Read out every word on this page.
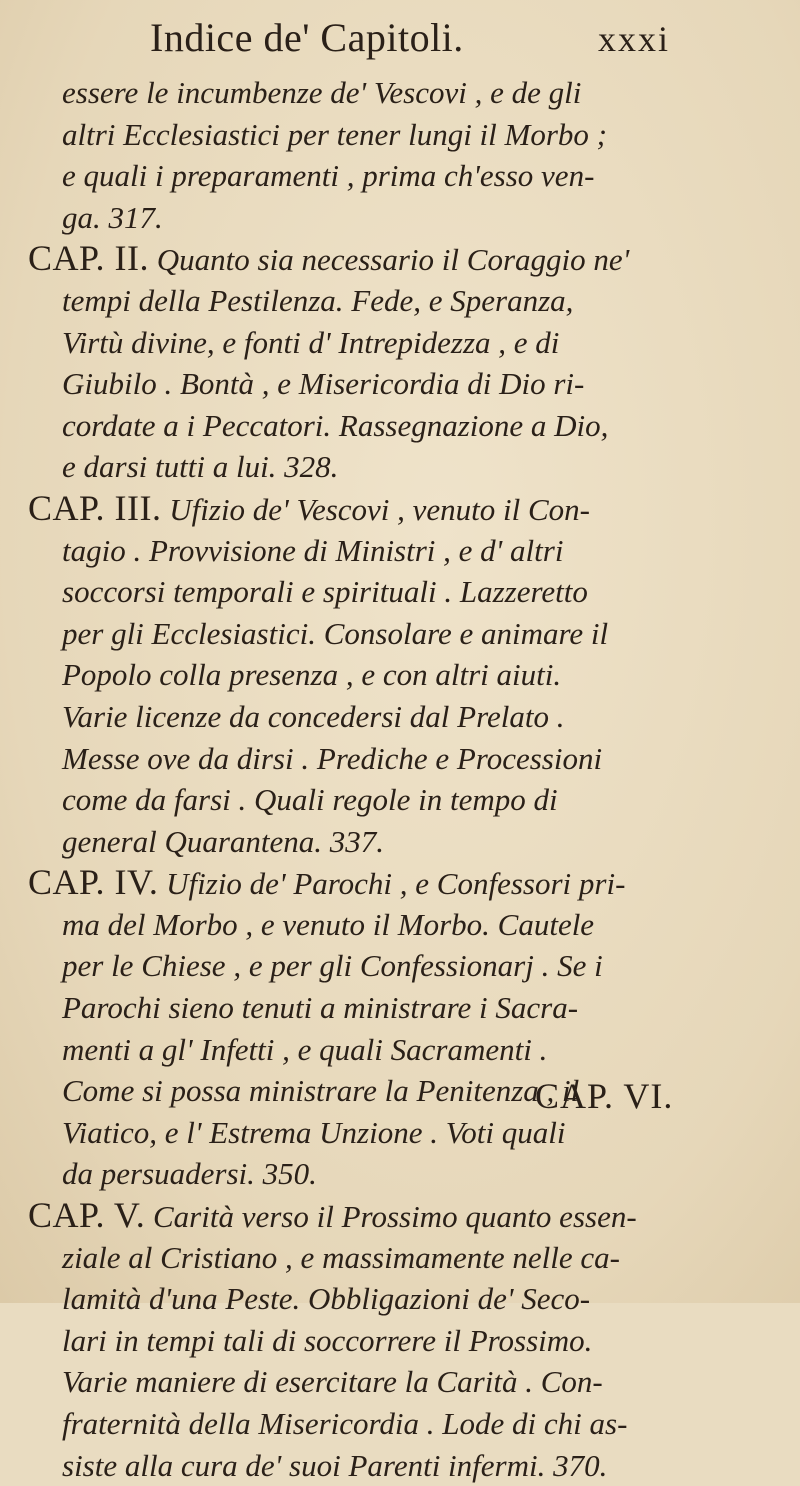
Indice de' Capitoli.	xxxi
essere le incumbenze de' Vescovi , e de gli
altri Ecclesiastici per tener lungi il Morbo ;
e quali i preparamenti , prima ch'esso ven-
ga. 317.
CAP. II. Quanto sia necessario il Coraggio ne'
tempi della Pestilenza. Fede, e Speranza,
Virtù divine, e fonti d' Intrepidezza , e di
Giubilo . Bontà , e Misericordia di Dio ri-
cordate a i Peccatori. Rassegnazione a Dio,
e darsi tutti a lui. 328.
CAP. III. Ufizio de' Vescovi , venuto il Con-
tagio . Provvisione di Ministri , e d' altri
soccorsi temporali e spirituali . Lazzeretto
per gli Ecclesiastici. Consolare e animare il
Popolo colla presenza , e con altri aiuti.
Varie licenze da concedersi dal Prelato .
Messe ove da dirsi . Prediche e Processioni
come da farsi . Quali regole in tempo di
general Quarantena. 337.
CAP. IV. Ufizio de' Parochi , e Confessori pri-
ma del Morbo , e venuto il Morbo. Cautele
per le Chiese , e per gli Confessionarj . Se i
Parochi sieno tenuti a ministrare i Sacra-
menti a gl' Infetti , e quali Sacramenti .
Come si possa ministrare la Penitenza , il
Viatico, e l' Estrema Unzione . Voti quali
da persuadersi. 350.
CAP. V. Carità verso il Prossimo quanto essen-
ziale al Cristiano , e massimamente nelle ca-
lamità d'una Peste. Obbligazioni de' Seco-
lari in tempi tali di soccorrere il Prossimo.
Varie maniere di esercitare la Carità . Con-
fraternità della Misericordia . Lode di chi as-
siste alla cura de' suoi Parenti infermi. 370.
CAP. VI.
